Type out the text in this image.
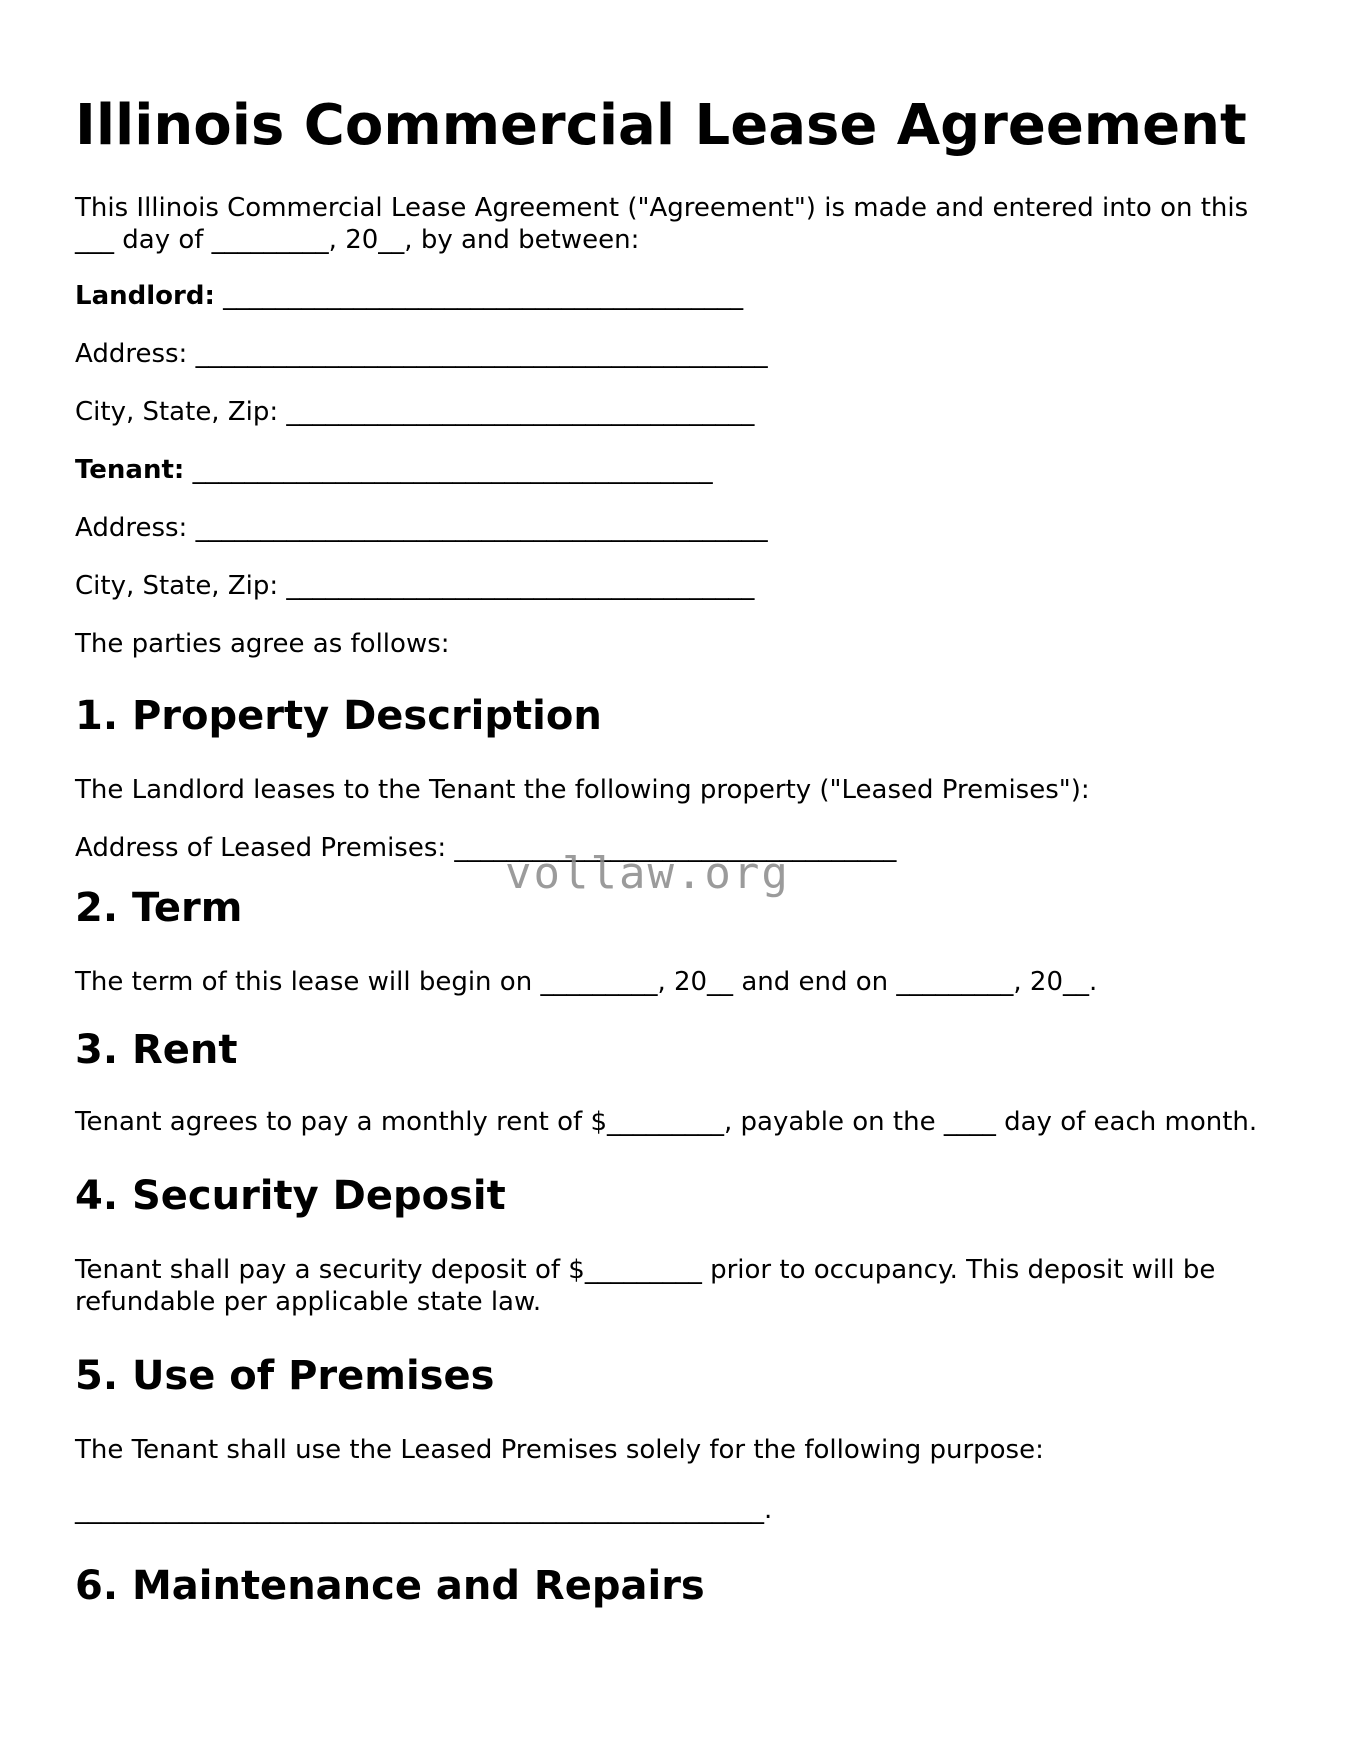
Illinois Commercial Lease Agreement

This Illinois Commercial Lease Agreement ("Agreement") is made and entered into on this ___ day of _________, 20__, by and between:

Landlord: ________________________________________

Address: ____________________________________________

City, State, Zip: ____________________________________

Tenant: ________________________________________

Address: ____________________________________________

City, State, Zip: ____________________________________

The parties agree as follows:

1. Property Description

The Landlord leases to the Tenant the following property ("Leased Premises"):

Address of Leased Premises: __________________________________

2. Term

The term of this lease will begin on _________, 20__ and end on _________, 20__.

3. Rent

Tenant agrees to pay a monthly rent of $_________, payable on the ____ day of each month.

4. Security Deposit

Tenant shall pay a security deposit of $_________ prior to occupancy. This deposit will be refundable per applicable state law.

5. Use of Premises

The Tenant shall use the Leased Premises solely for the following purpose:

_____________________________________________________.

6. Maintenance and Repairs
vollaw.org
